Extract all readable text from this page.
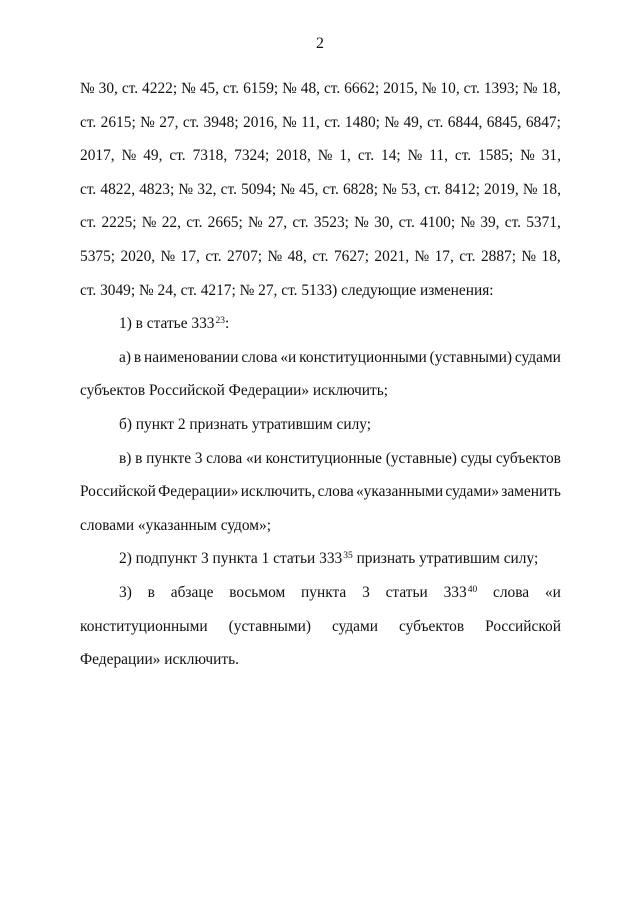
2
№ 30, ст. 4222; № 45, ст. 6159; № 48, ст. 6662; 2015, № 10, ст. 1393; № 18,
ст. 2615; № 27, ст. 3948; 2016, № 11, ст. 1480; № 49, ст. 6844, 6845, 6847;
2017, № 49, ст. 7318, 7324; 2018, № 1, ст. 14; № 11, ст. 1585; № 31,
ст. 4822, 4823; № 32, ст. 5094; № 45, ст. 6828; № 53, ст. 8412; 2019, № 18,
ст. 2225; № 22, ст. 2665; № 27, ст. 3523; № 30, ст. 4100; № 39, ст. 5371,
5375; 2020, № 17, ст. 2707; № 48, ст. 7627; 2021, № 17, ст. 2887; № 18,
ст. 3049; № 24, ст. 4217; № 27, ст. 5133) следующие изменения:
1) в статье $333^{23}$:
а) в наименовании слова «и конституционными (уставными) судами
субъектов Российской Федерации» исключить;
б) пункт 2 признать утратившим силу;
в) в пункте 3 слова «и конституционные (уставные) суды субъектов
Российской Федерации» исключить, слова «указанными судами» заменить
словами «указанным судом»;
2) подпункт 3 пункта 1 статьи $333^{35}$ признать утратившим силу;
3) в абзаце восьмом пункта 3 статьи $333^{40}$ слова «и
конституционными (уставными) судами субъектов Российской
Федерации» исключить.
